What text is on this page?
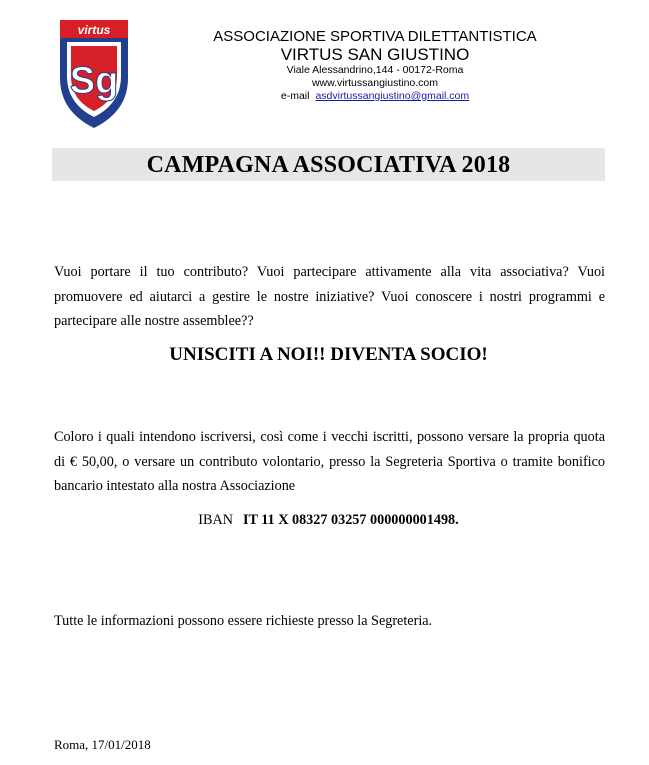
virtus
Sg
ASSOCIAZIONE SPORTIVA DILETTANTISTICA
VIRTUS SAN GIUSTINO
Viale Alessandrino,144 - 00172-Roma
www.virtussangiustino.com
e-mail asdvirtussangiustino@gmail.com
CAMPAGNA ASSOCIATIVA 2018
Vuoi portare il tuo contributo? Vuoi partecipare attivamente alla vita associativa? Vuoi promuovere ed aiutarci a gestire le nostre iniziative? Vuoi conoscere i nostri programmi e partecipare alle nostre assemblee??
UNISCITI A NOI!! DIVENTA SOCIO!
Coloro i quali intendono iscriversi, così come i vecchi iscritti, possono versare la propria quota di € 50,00, o versare un contributo volontario, presso la Segreteria Sportiva o tramite bonifico bancario intestato alla nostra Associazione
IBAN IT 11 X 08327 03257 000000001498.
Tutte le informazioni possono essere richieste presso la Segreteria.
Roma, 17/01/2018
